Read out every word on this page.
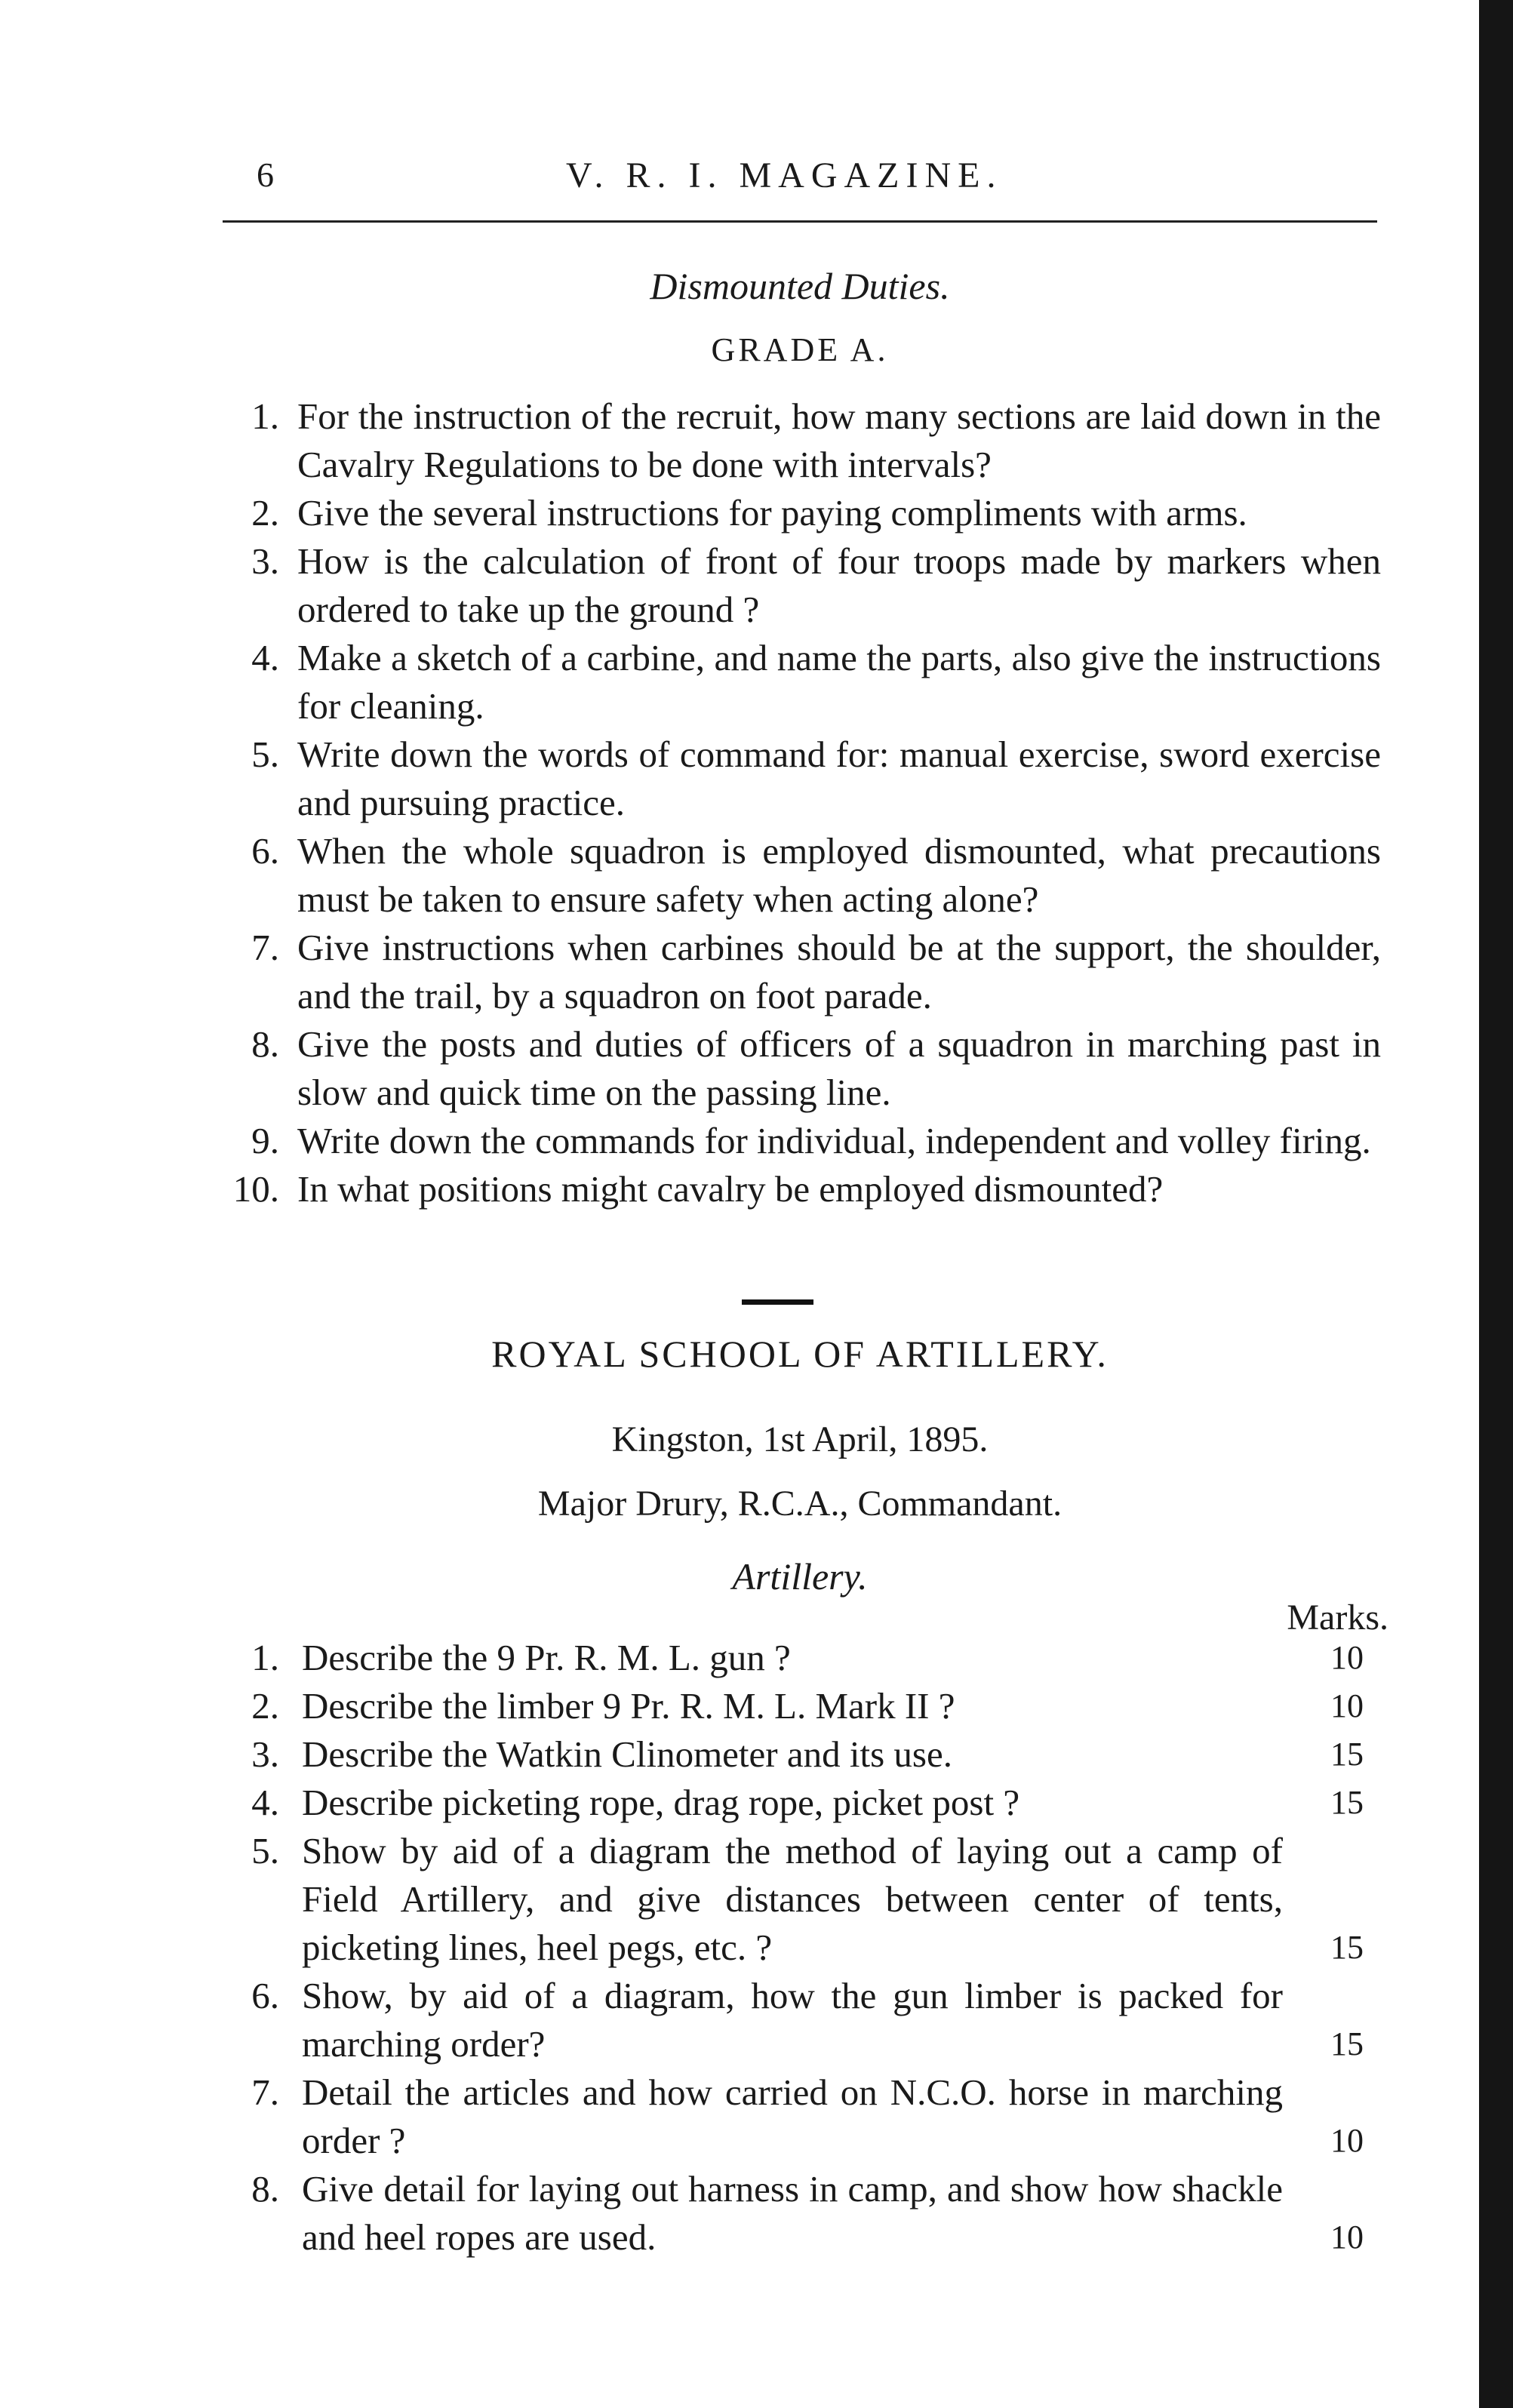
6	V. R. I. MAGAZINE.
Dismounted Duties.
GRADE A.
1. For the instruction of the recruit, how many sections are laid down in the Cavalry Regulations to be done with intervals?
2. Give the several instructions for paying compliments with arms.
3. How is the calculation of front of four troops made by markers when ordered to take up the ground ?
4. Make a sketch of a carbine, and name the parts, also give the instructions for cleaning.
5. Write down the words of command for: manual exercise, sword exercise and pursuing practice.
6. When the whole squadron is employed dismounted, what precautions must be taken to ensure safety when acting alone?
7. Give instructions when carbines should be at the support, the shoulder, and the trail, by a squadron on foot parade.
8. Give the posts and duties of officers of a squadron in marching past in slow and quick time on the passing line.
9. Write down the commands for individual, independent and volley firing.
10. In what positions might cavalry be employed dismounted?
ROYAL SCHOOL OF ARTILLERY.
Kingston, 1st April, 1895.
Major Drury, R.C.A., Commandant.
Artillery.
Marks.
1. Describe the 9 Pr. R. M. L. gun ?	10
2. Describe the limber 9 Pr. R. M. L. Mark II ?	10
3. Describe the Watkin Clinometer and its use.	15
4. Describe picketing rope, drag rope, picket post ?	15
5. Show by aid of a diagram the method of laying out a camp of Field Artillery, and give distances between center of tents, picketing lines, heel pegs, etc. ?	15
6. Show, by aid of a diagram, how the gun limber is packed for marching order?	15
7. Detail the articles and how carried on N.C.O. horse in marching order ?	10
8. Give detail for laying out harness in camp, and show how shackle and heel ropes are used.	10
